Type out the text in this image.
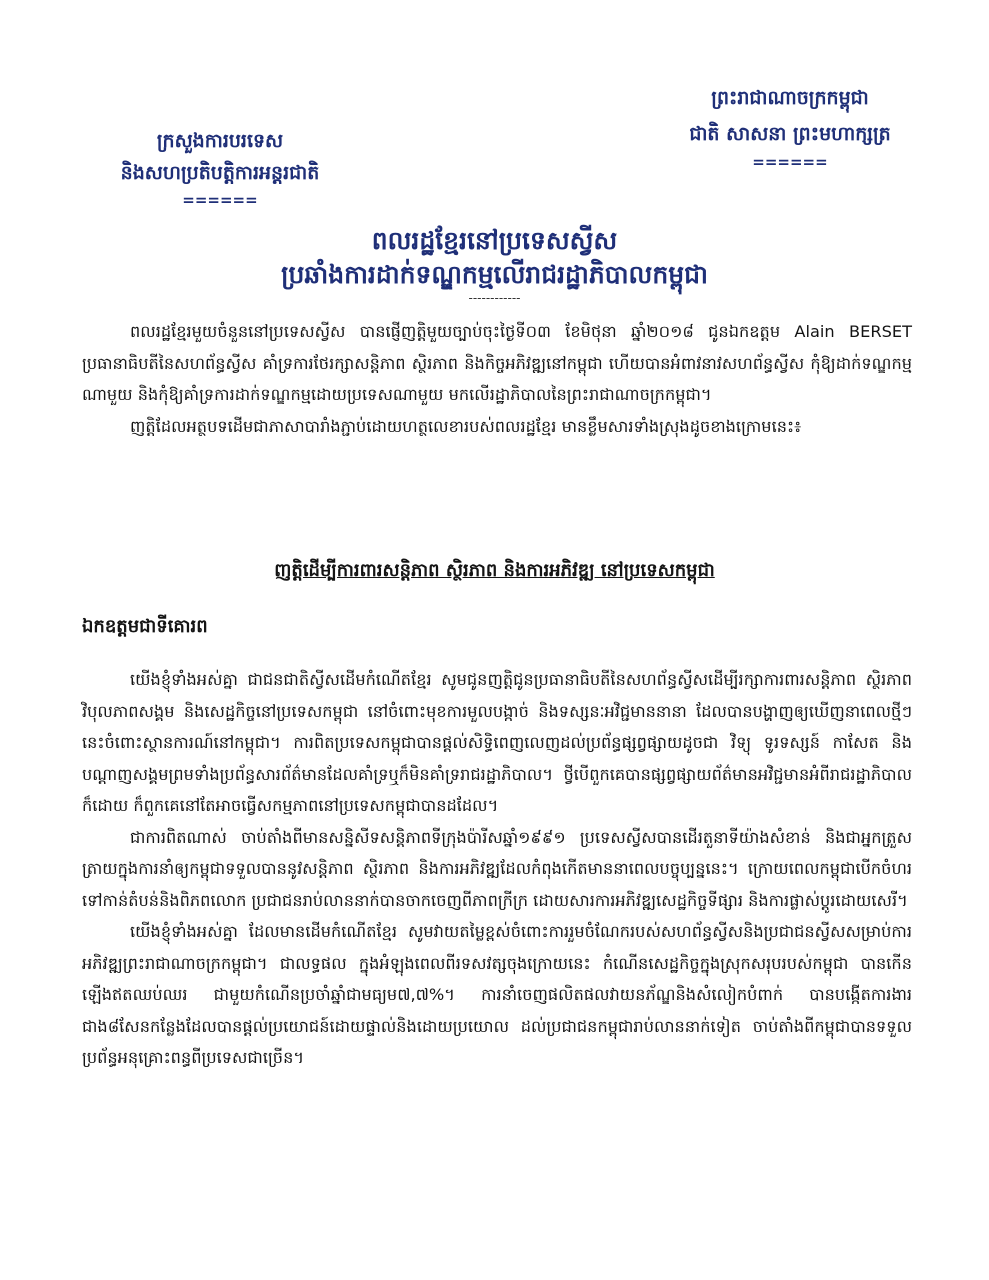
ព្រះរាជាណាចក្រកម្ពុជា
ជាតិ សាសនា ព្រះមហាក្សត្រ
======
ក្រសួងការបរទេស
និងសហប្រតិបត្តិការអន្តរជាតិ
======
ពលរដ្ឋខ្មែរនៅប្រទេសស្វីស
ប្រឆាំងការដាក់ទណ្ឌកម្មលើរាជរដ្ឋាភិបាលកម្ពុជា
------------

ពលរដ្ឋខ្មែរមួយចំនួននៅប្រទេសស្វីស បានផ្ញើញត្តិមួយច្បាប់ចុះថ្ងៃទី០៣ ខែមិថុនា ឆ្នាំ២០១៨ ជូនឯកឧត្តម Alain BERSET ប្រធានាធិបតីនៃសហព័ន្ធស្វីស គាំទ្រការថែរក្សាសន្តិភាព ស្ថិរភាព និងកិច្ចអភិវឌ្ឍនៅកម្ពុជា ហើយបានអំពាវនាវសហព័ន្ធស្វីស កុំឱ្យដាក់ទណ្ឌកម្មណាមួយ និងកុំឱ្យគាំទ្រការដាក់ទណ្ឌកម្មដោយប្រទេសណាមួយ មកលើរដ្ឋាភិបាលនៃព្រះរាជាណាចក្រកម្ពុជា។

ញត្តិដែលអត្ថបទដើមជាភាសាបារាំងភ្ជាប់ដោយហត្ថលេខារបស់ពលរដ្ឋខ្មែរ មានខ្លឹមសារទាំងស្រុងដូចខាងក្រោមនេះ៖

ញត្តិដើម្បីការពារសន្តិភាព ស្ថិរភាព និងការអភិវឌ្ឍ នៅប្រទេសកម្ពុជា
ឯកឧត្តមជាទីគោរព

យើងខ្ញុំទាំងអស់គ្នា ជាជនជាតិស្វីសដើមកំណើតខ្មែរ សូមជូនញត្តិជូនប្រធានាធិបតីនៃសហព័ន្ធស្វីសដើម្បីរក្សាការពារសន្តិភាព ស្ថិរភាព វិបុលភាពសង្គម និងសេដ្ឋកិច្ចនៅប្រទេសកម្ពុជា នៅចំពោះមុខការមួលបង្កាច់ និងទស្សនៈអវិជ្ជមាននានា ដែលបានបង្ហាញឲ្យឃើញនាពេលថ្មីៗនេះចំពោះស្ថានការណ៍នៅកម្ពុជា។ ការពិតប្រទេសកម្ពុជាបានផ្ដល់សិទ្ធិពេញលេញដល់ប្រព័ន្ធផ្សព្វផ្សាយដូចជា វិទ្យុ ទូរទស្សន៍ កាសែត និងបណ្ដាញសង្គមព្រមទាំងប្រព័ន្ធសារព័ត៌មានដែលគាំទ្រឬក៏មិនគាំទ្ររាជរដ្ឋាភិបាល។ ថ្វីបើពួកគេបានផ្សព្វផ្សាយព័ត៌មានអវិជ្ជមានអំពីរាជរដ្ឋាភិបាលក៏ដោយ ក៏ពួកគេនៅតែអាចធ្វើសកម្មភាពនៅប្រទេសកម្ពុជាបានដដែល។

ជាការពិតណាស់ ចាប់តាំងពីមានសន្និសីទសន្តិភាពទីក្រុងប៉ារីសឆ្នាំ១៩៩១ ប្រទេសស្វីសបានដើរតួនាទីយ៉ាងសំខាន់ និងជាអ្នកត្រួសត្រាយក្នុងការនាំឲ្យកម្ពុជាទទួលបាននូវសន្តិភាព ស្ថិរភាព និងការអភិវឌ្ឍដែលកំពុងកើតមាននាពេលបច្ចុប្បន្ននេះ។ ក្រោយពេលកម្ពុជាបើកចំហរទៅកាន់តំបន់និងពិភពលោក ប្រជាជនរាប់លាននាក់បានចាកចេញពីភាពក្រីក្រ ដោយសារការអភិវឌ្ឍសេដ្ឋកិច្ចទីផ្សារ និងការផ្លាស់ប្ដូរដោយសេរី។

យើងខ្ញុំទាំងអស់គ្នា ដែលមានដើមកំណើតខ្មែរ សូមវាយតម្លៃខ្ពស់ចំពោះការរួមចំណែករបស់សហព័ន្ធស្វីសនិងប្រជាជនស្វីសសម្រាប់ការអភិវឌ្ឍព្រះរាជាណាចក្រកម្ពុជា។ ជាលទ្ធផល ក្នុងអំឡុងពេលពីរទសវត្សចុងក្រោយនេះ កំណើនសេដ្ឋកិច្ចក្នុងស្រុកសរុបរបស់កម្ពុជា បានកើនឡើងឥតឈប់ឈរ ជាមួយកំណើនប្រចាំឆ្នាំជាមធ្យម៧,៧%។ ការនាំចេញផលិតផលវាយនភ័ណ្ឌនិងសំលៀកបំពាក់ បានបង្កើតការងារជាង៨សែនកន្លែងដែលបានផ្ដល់ប្រយោជន៍ដោយផ្ទាល់និងដោយប្រយោល ដល់ប្រជាជនកម្ពុជារាប់លាននាក់ទៀត ចាប់តាំងពីកម្ពុជាបានទទួលប្រព័ន្ធអនុគ្រោះពន្ធពីប្រទេសជាច្រើន។
